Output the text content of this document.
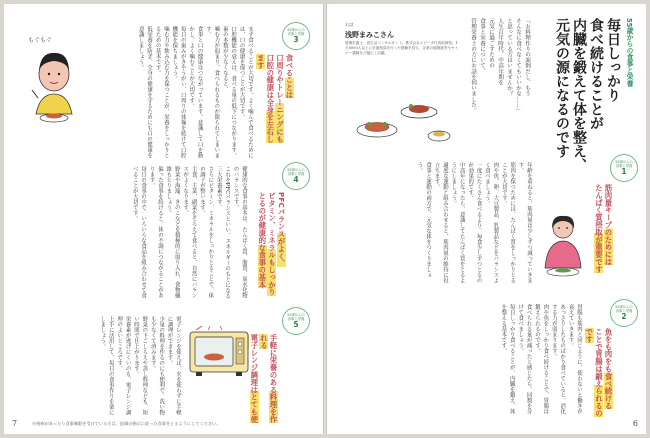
もぐもぐ
55歳からの
食事と栄養
3
食べることは
口周りやトレーニングにも
口腔の健康は全身を左右します

まず食べることが大切です。よく噛んで食べるためには、口の健康を保つことが大切です。

口腔機能の衰えは、食べる量の低下につながります。歯の本数が少なくなると、

噛む力が弱まり、食べられるものが限られてしまいます。

食事と口の健康はつながっています。意識して口を動かし、よく噛むことが大切です。

毎日の歯みがきやうがい、口周りの体操を続けて口腔機能を保ちましょう。

噛む力や飲み込む力を保つことが、栄養をしっかりとるための基本です。

低栄養を防ぎ、全身の健康を守るためにも口の健康を意識しましょう。

55歳からの
食事と栄養
4
PFCバランスがよく、
ビタミン、ミネラルもしっかり
とるのが健康的な食事の基本

健康的な食事の基本は、たんぱく質、脂質、炭水化物のバランスです。

これをPFCバランスといい、エネルギーのもとになる三大栄養素です。

さらにビタミン、ミネラルをしっかりとることで、体の調子が整います。

主食、主菜、副菜をそろえて食べると、自然にバランスがよくなります。

野菜や海藻、きのこなどを積極的に取り入れ、食物繊維もとりましょう。

偏った食事を続けると、体の不調につながることがあります。

毎日の食事の中で、いろいろな食品を組み合わせて食べることが大切です。

55歳からの
食事と栄養
5
手軽に栄養のある料理を作れる
電子レンジ調理はとても便

電子レンジを使えば、火を使わずに手軽に調理ができます。

少量の料理を作るのにも便利で、洗い物も少なくて済みます。

野菜の下ごしらえや蒸し料理なども、短い時間で仕上がります。

栄養素が逃げにくいのも、電子レンジ調理のよいところです。

上手に活用して、毎日の食事作りを楽にしましょう。

※持病があったり食事制限を受けている方は、医師の指示に従った食事をとるようにしてください。
7
55歳からの食事と栄養
毎日しっかり
食べ続けることが
内臓を鍛えて体を整え、
元気の源になるのです
「お料理作りの面倒だし、もう
そんなに食べなくてもいいかな……」
と思っている方はいませんか？
人生百年時代、中高年期を
元気に過ごすための
食事と栄養について、
管理栄養士の方にお話を伺いました。
お話
浅野まみこさん
管理栄養士、食生活コンサルタント。株式会社エビータ代表取締役。1万8000人以上に栄養相談を行った経験を持ち、企業の健康経営やセミナー講師など幅広く活躍。
55歳からの
食事と栄養
1
筋肉量キープのためには
たんぱく質摂取が重要です

年齢を重ねると、筋肉量は少しずつ減っていきます。

筋肉を保つためには、たんぱく質をしっかりとることが大切です。

肉や魚、卵、大豆製品、乳製品などをバランスよく食べましょう。

一度にたくさん食べるより、毎食少しずつとるのが効果的です。

中高年になったら、意識してたんぱく質をとるようにしましょう。

適度な運動と組み合わせると、筋肉量の維持に役立ちます。

食事と運動の両方で、元気な体をつくりましょう。

55歳からの
食事と栄養
2
魚をも肉をも食べ続ける
ことで胃腸は鍛えられるのです

胃腸も筋肉と同じように、使わないと働きが衰えていきます。

あっさりしたものばかり食べていると、消化する力が弱まります。

肉や魚をしっかり食べ続けることで、胃腸は鍛えられるのです。

食べられる量が減ったと感じたら、回数を分けて食べましょう。

毎日しっかり食べることが、内臓を鍛え、体を整える基本です。

6
